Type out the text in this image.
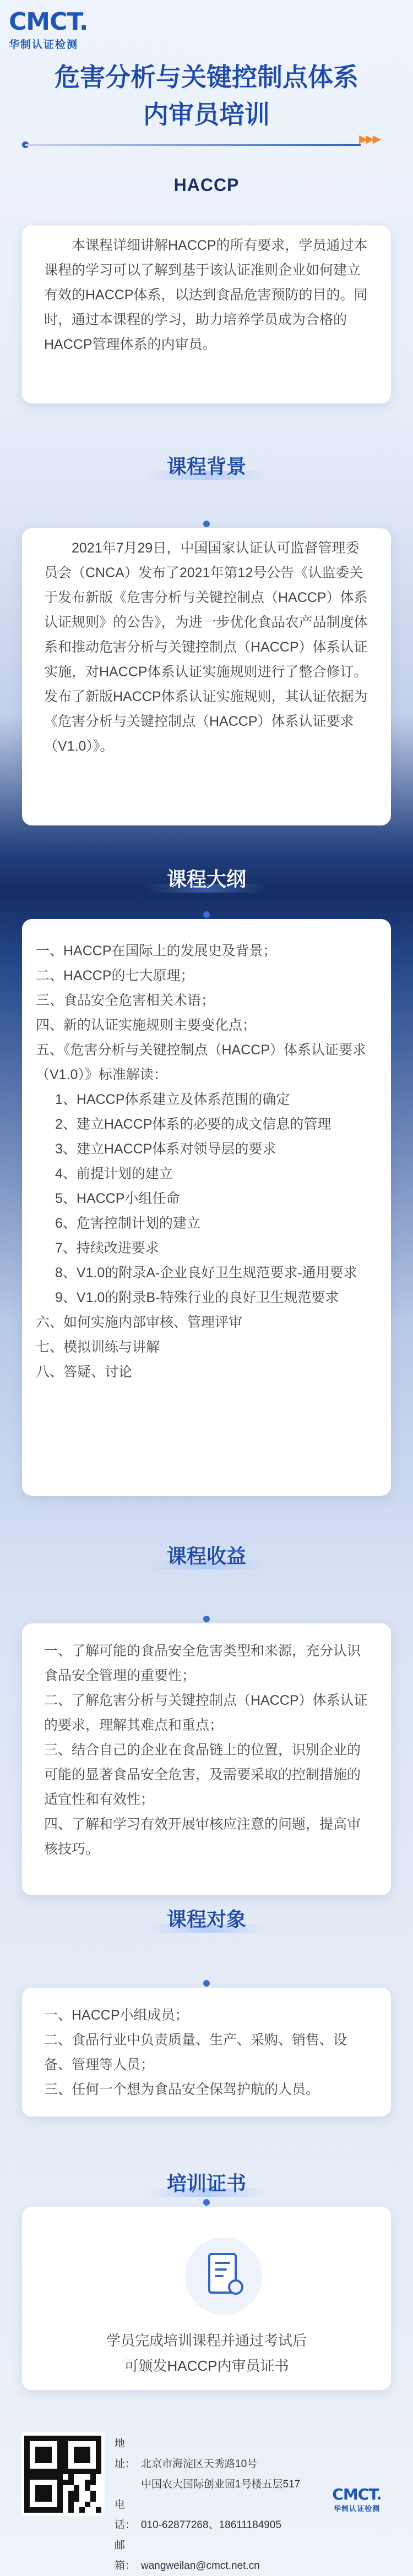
CMCT.
华制认证检测
危害分析与关键控制点体系
内审员培训
▶▶▶
HACCP

本课程详细讲解HACCP的所有要求，学员通过本课程的学习可以了解到基于该认证准则企业如何建立有效的HACCP体系，以达到食品危害预防的目的。同时，通过本课程的学习，助力培养学员成为合格的HACCP管理体系的内审员。

课程背景

2021年7月29日，中国国家认证认可监督管理委员会（CNCA）发布了2021年第12号公告《认监委关于发布新版《危害分析与关键控制点（HACCP）体系认证规则》的公告》，为进一步优化食品农产品制度体系和推动危害分析与关键控制点（HACCP）体系认证实施，对HACCP体系认证实施规则进行了整合修订。发布了新版HACCP体系认证实施规则，其认证依据为《危害分析与关键控制点（HACCP）体系认证要求（V1.0）》。

课程大纲
一、HACCP在国际上的发展史及背景；
二、HACCP的七大原理；
三、食品安全危害相关术语；
四、新的认证实施规则主要变化点；
五、《危害分析与关键控制点（HACCP）体系认证要求（V1.0）》标准解读：
1、HACCP体系建立及体系范围的确定
2、建立HACCP体系的必要的成文信息的管理
3、建立HACCP体系对领导层的要求
4、前提计划的建立
5、HACCP小组任命
6、危害控制计划的建立
7、持续改进要求
8、V1.0的附录A-企业良好卫生规范要求-通用要求
9、V1.0的附录B-特殊行业的良好卫生规范要求
六、如何实施内部审核、管理评审
七、模拟训练与讲解
八、答疑、讨论
课程收益
一、了解可能的食品安全危害类型和来源，充分认识食品安全管理的重要性；
二、了解危害分析与关键控制点（HACCP）体系认证的要求，理解其难点和重点；
三、结合自己的企业在食品链上的位置，识别企业的可能的显著食品安全危害，及需要采取的控制措施的适宜性和有效性；
四、了解和学习有效开展审核应注意的问题，提高审核技巧。
课程对象
一、HACCP小组成员；
二、食品行业中负责质量、生产、采购、销售、设备、管理等人员；
三、任何一个想为食品安全保驾护航的人员。
培训证书
学员完成培训课程并通过考试后
可颁发HACCP内审员证书
地址： 北京市海淀区天秀路10号
中国农大国际创业园1号楼五层517
电话： 010-62877268、18611184905
邮箱： wangweilan@cmct.net.cn
CMCT.
华制认证检测
